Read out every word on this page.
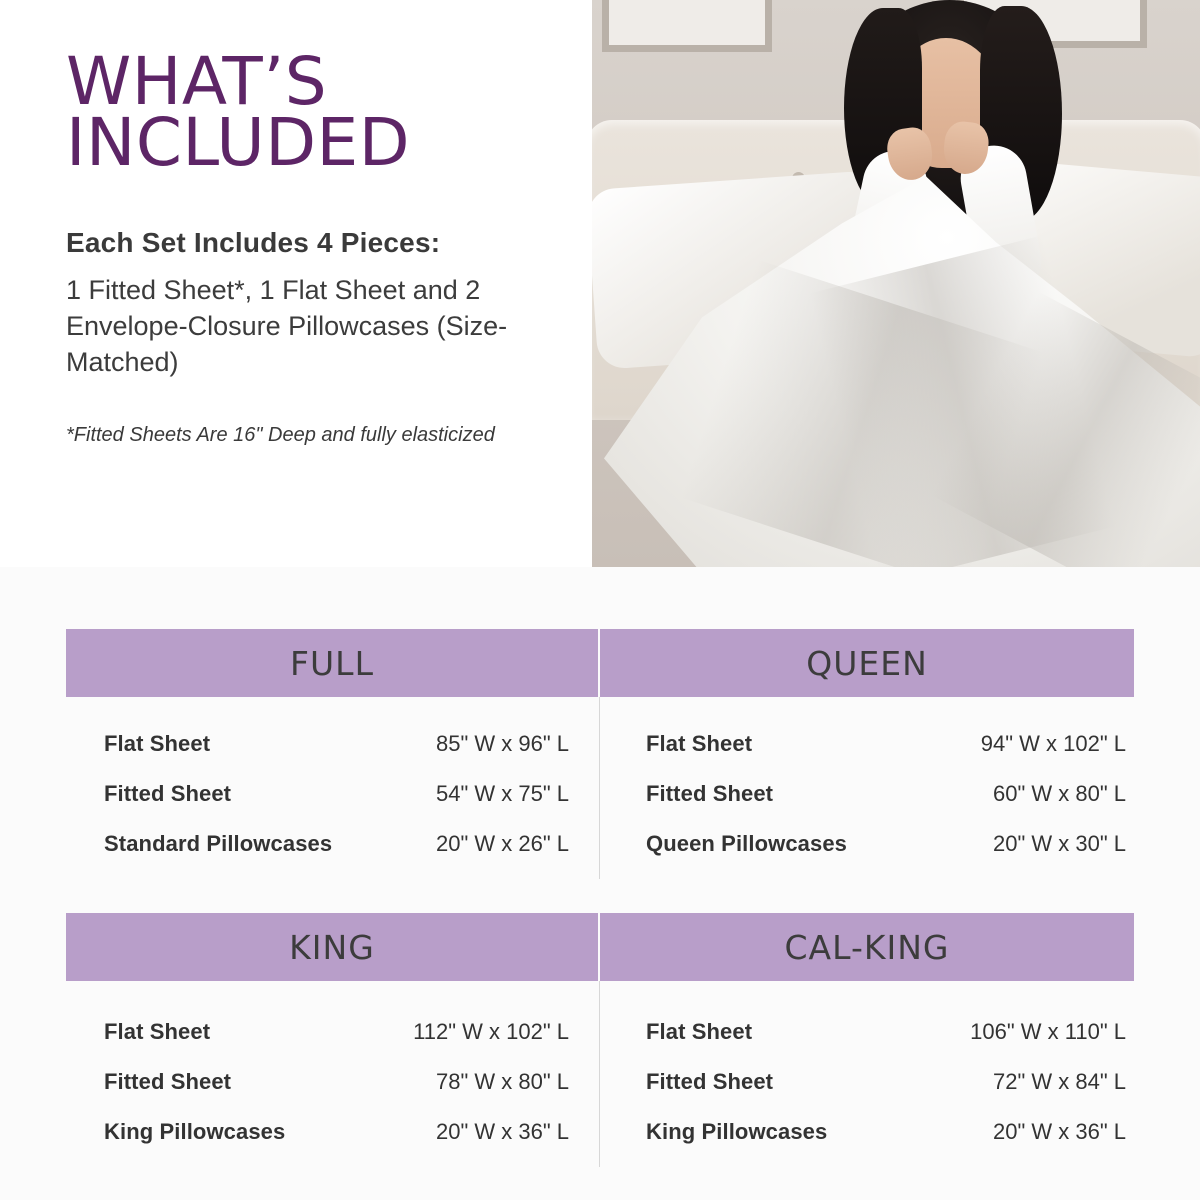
WHAT’S
INCLUDED
Each Set Includes 4 Pieces:
1 Fitted Sheet*, 1 Flat Sheet and 2 Envelope-Closure Pillowcases (Size-Matched)
*Fitted Sheets Are 16" Deep and fully elasticized
FULL
Flat Sheet	85" W x 96" L
Fitted Sheet	54" W x 75" L
Standard Pillowcases	20" W x 26" L
QUEEN
Flat Sheet	94" W x 102" L
Fitted Sheet	60" W x 80" L
Queen Pillowcases	20" W x 30" L
KING
Flat Sheet	112" W x 102" L
Fitted Sheet	78" W x 80" L
King Pillowcases	20" W x 36" L
CAL-KING
Flat Sheet	106" W x 110" L
Fitted Sheet	72" W x 84" L
King Pillowcases	20" W x 36" L
